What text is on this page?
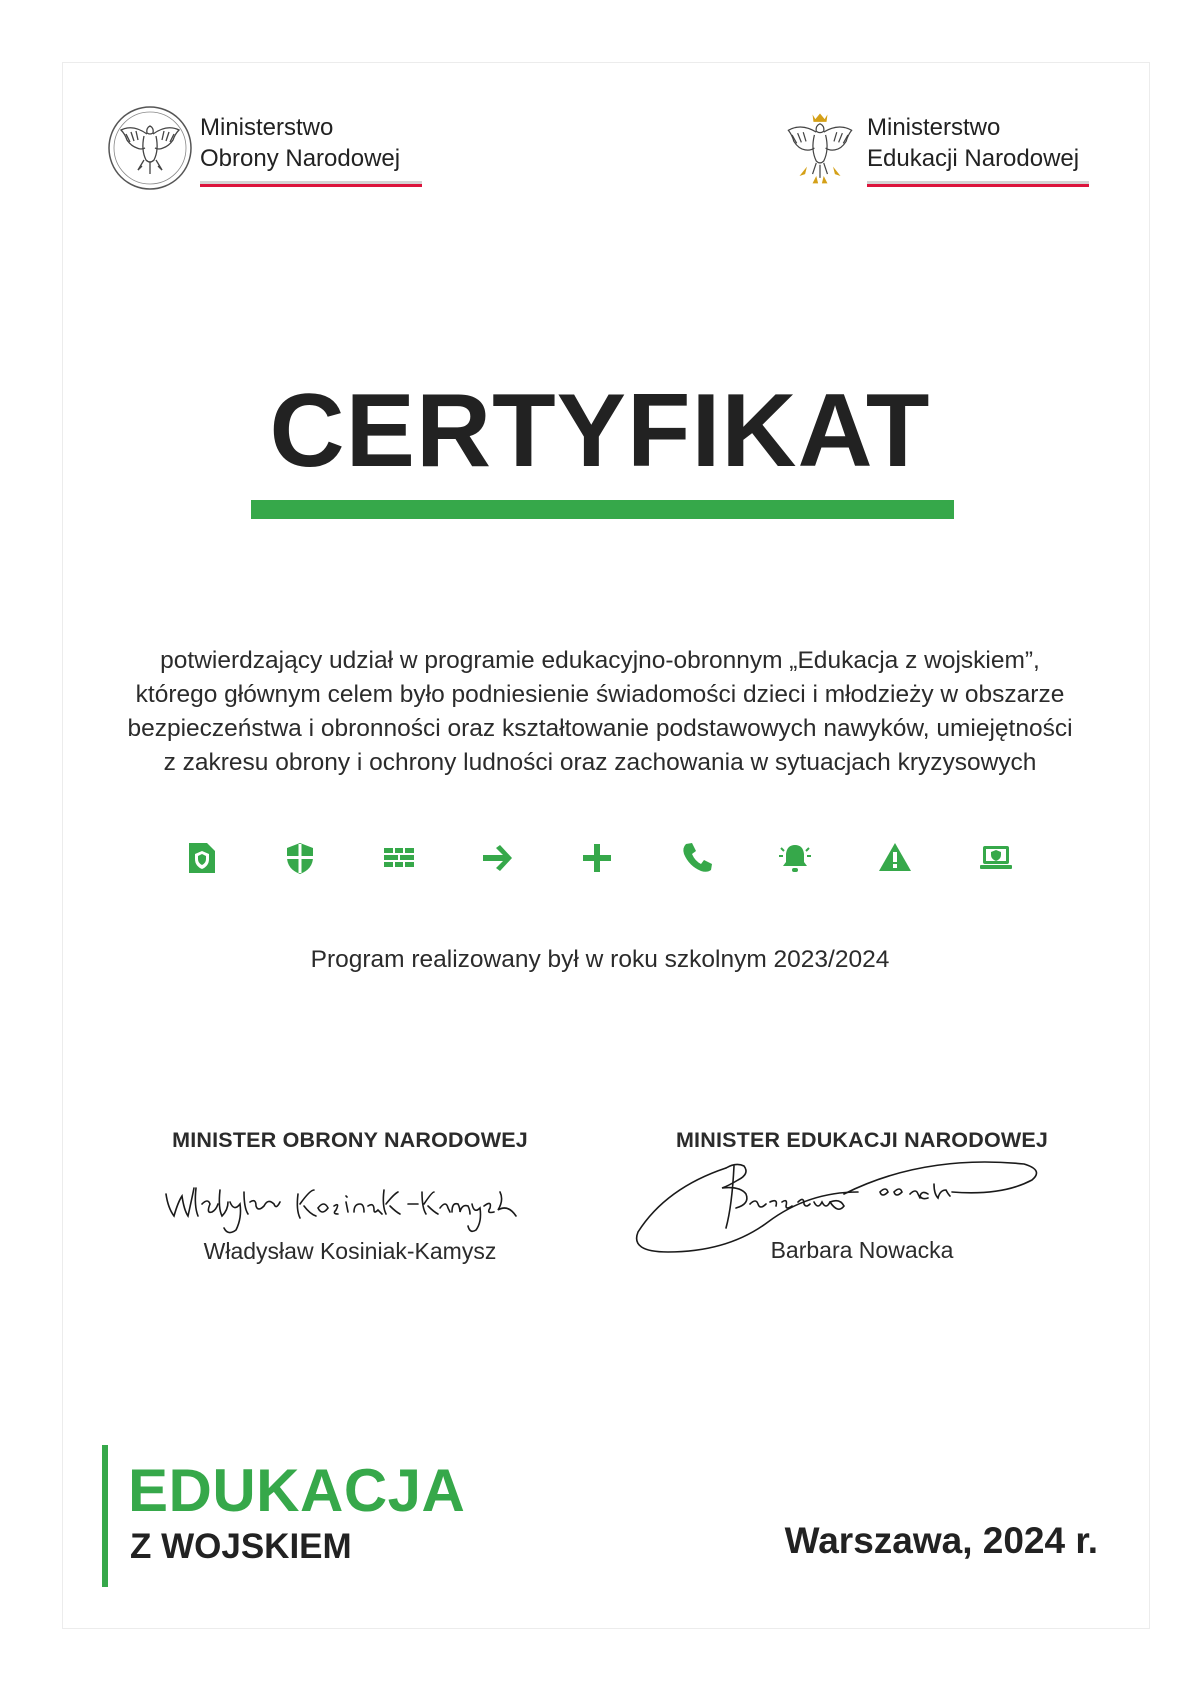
Ministerstwo
Obrony Narodowej
Ministerstwo
Edukacji Narodowej
CERTYFIKAT
potwierdzający udział w programie edukacyjno-obronnym „Edukacja z wojskiem”,
którego głównym celem było podniesienie świadomości dzieci i młodzieży w obszarze
bezpieczeństwa i obronności oraz kształtowanie podstawowych nawyków, umiejętności
z zakresu obrony i ochrony ludności oraz zachowania w sytuacjach kryzysowych
Program realizowany był w roku szkolnym 2023/2024
MINISTER OBRONY NARODOWEJ
Władysław Kosiniak-Kamysz
MINISTER EDUKACJI NARODOWEJ
Barbara Nowacka
EDUKACJA
Z WOJSKIEM	Warszawa, 2024 r.
